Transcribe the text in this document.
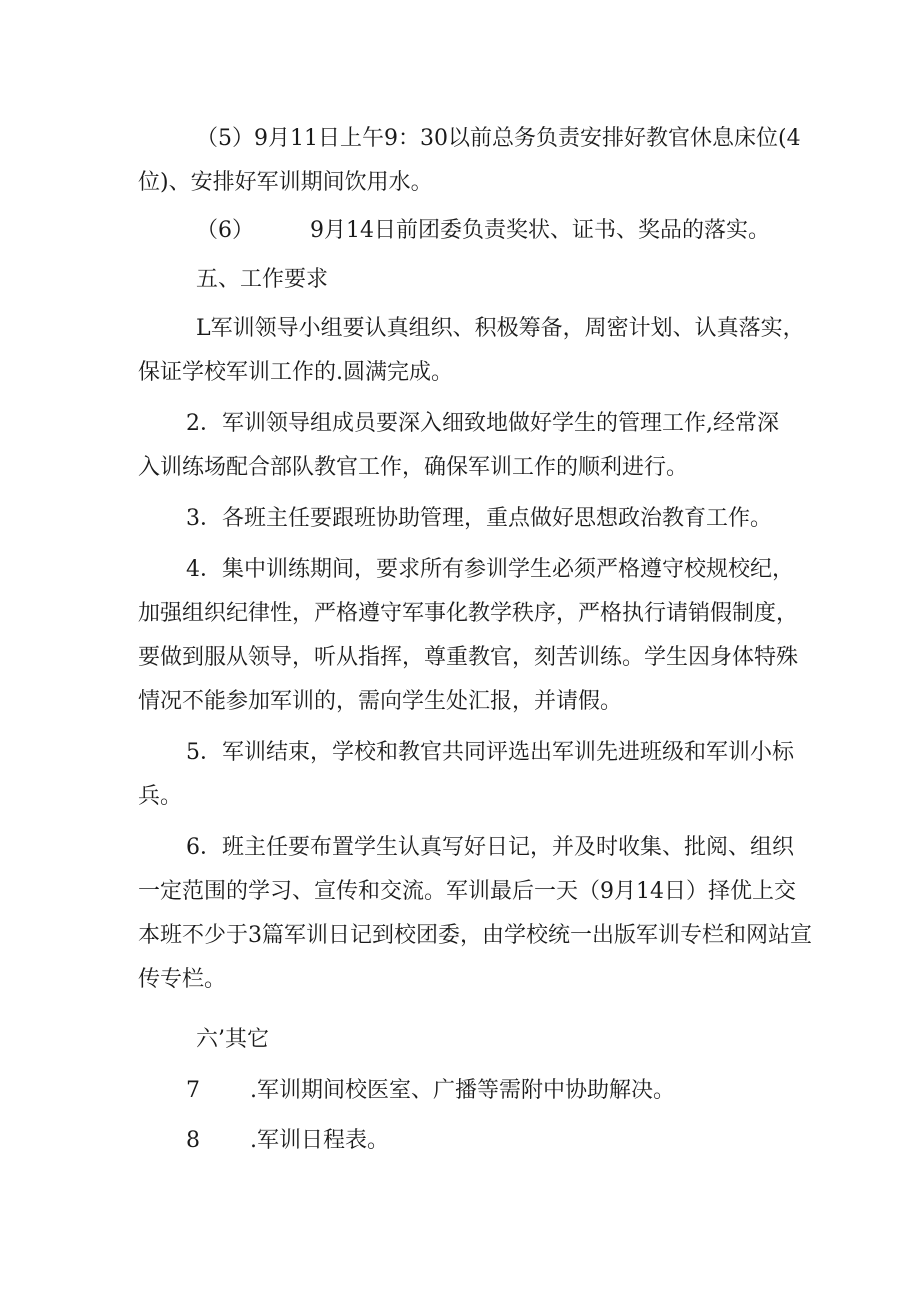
（5）9月11日上午9：30以前总务负责安排好教官休息床位(4
位)、安排好军训期间饮用水。
（6）	9月14日前团委负责奖状、证书、奖品的落实。
五、工作要求
L军训领导小组要认真组织、积极筹备，周密计划、认真落实，
保证学校军训工作的.圆满完成。
2．军训领导组成员要深入细致地做好学生的管理工作,经常深
入训练场配合部队教官工作，确保军训工作的顺利进行。
3．各班主任要跟班协助管理，重点做好思想政治教育工作。
4．集中训练期间，要求所有参训学生必须严格遵守校规校纪，
加强组织纪律性，严格遵守军事化教学秩序，严格执行请销假制度，
要做到服从领导，听从指挥，尊重教官，刻苦训练。学生因身体特殊
情况不能参加军训的，需向学生处汇报，并请假。
5．军训结束，学校和教官共同评选出军训先进班级和军训小标
兵。
6．班主任要布置学生认真写好日记，并及时收集、批阅、组织
一定范围的学习、宣传和交流。军训最后一天（9月14日）择优上交
本班不少于3篇军训日记到校团委，由学校统一出版军训专栏和网站宣
传专栏。
六’其它
7 .军训期间校医室、广播等需附中协助解决。
8 .军训日程表。
